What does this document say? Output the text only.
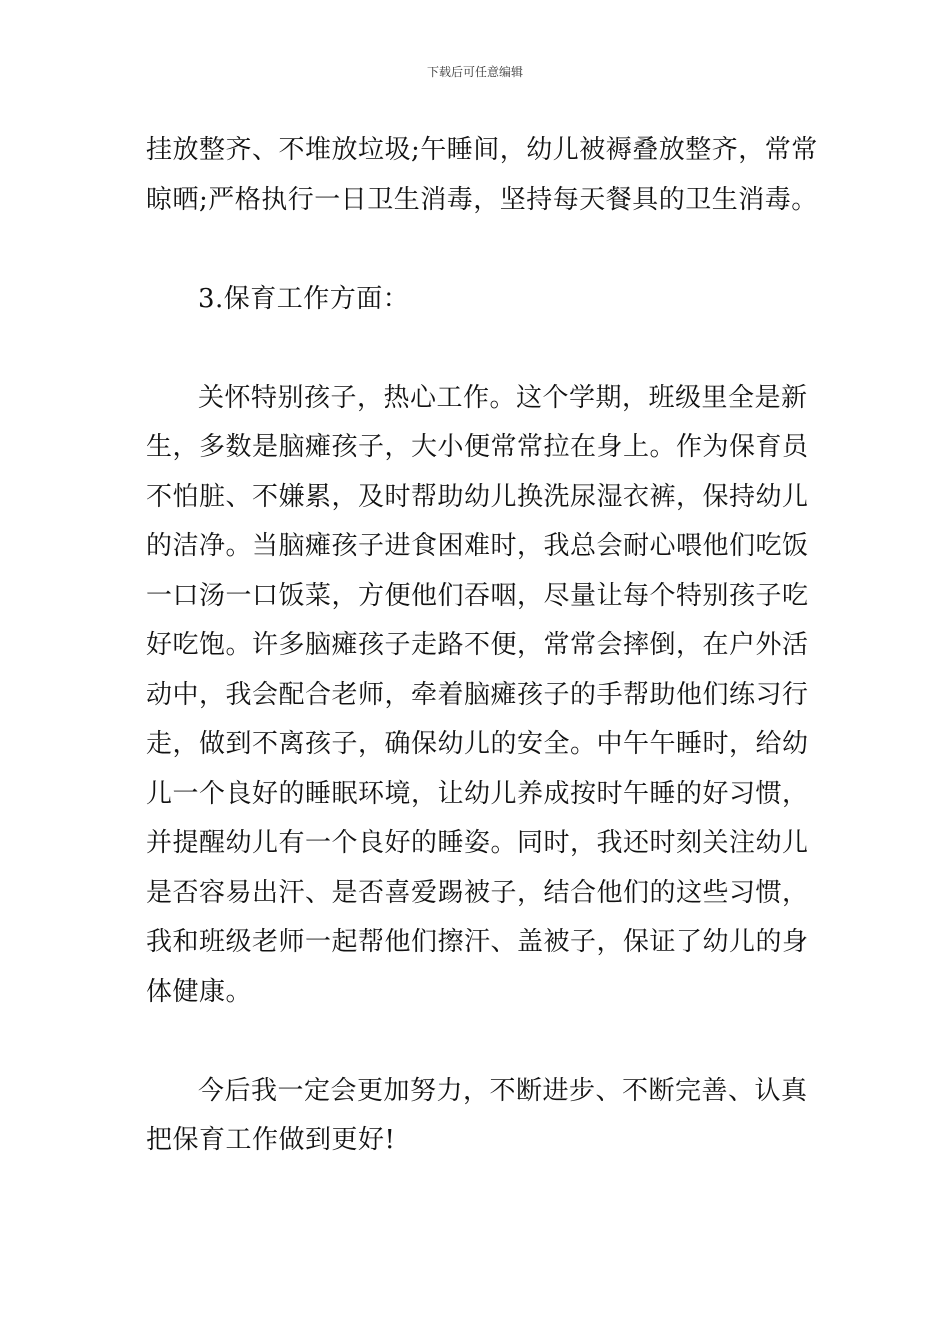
下载后可任意编辑

挂放整齐、不堆放垃圾;午睡间，幼儿被褥叠放整齐，常常

晾晒;严格执行一日卫生消毒，坚持每天餐具的卫生消毒。

3.保育工作方面：

关怀特别孩子，热心工作。这个学期，班级里全是新

生，多数是脑瘫孩子，大小便常常拉在身上。作为保育员

不怕脏、不嫌累，及时帮助幼儿换洗尿湿衣裤，保持幼儿

的洁净。当脑瘫孩子进食困难时，我总会耐心喂他们吃饭

一口汤一口饭菜，方便他们吞咽，尽量让每个特别孩子吃

好吃饱。许多脑瘫孩子走路不便，常常会摔倒，在户外活

动中，我会配合老师，牵着脑瘫孩子的手帮助他们练习行

走，做到不离孩子，确保幼儿的安全。中午午睡时，给幼

儿一个良好的睡眠环境，让幼儿养成按时午睡的好习惯，

并提醒幼儿有一个良好的睡姿。同时，我还时刻关注幼儿

是否容易出汗、是否喜爱踢被子，结合他们的这些习惯，

我和班级老师一起帮他们擦汗、盖被子，保证了幼儿的身

体健康。

今后我一定会更加努力，不断进步、不断完善、认真

把保育工作做到更好!
